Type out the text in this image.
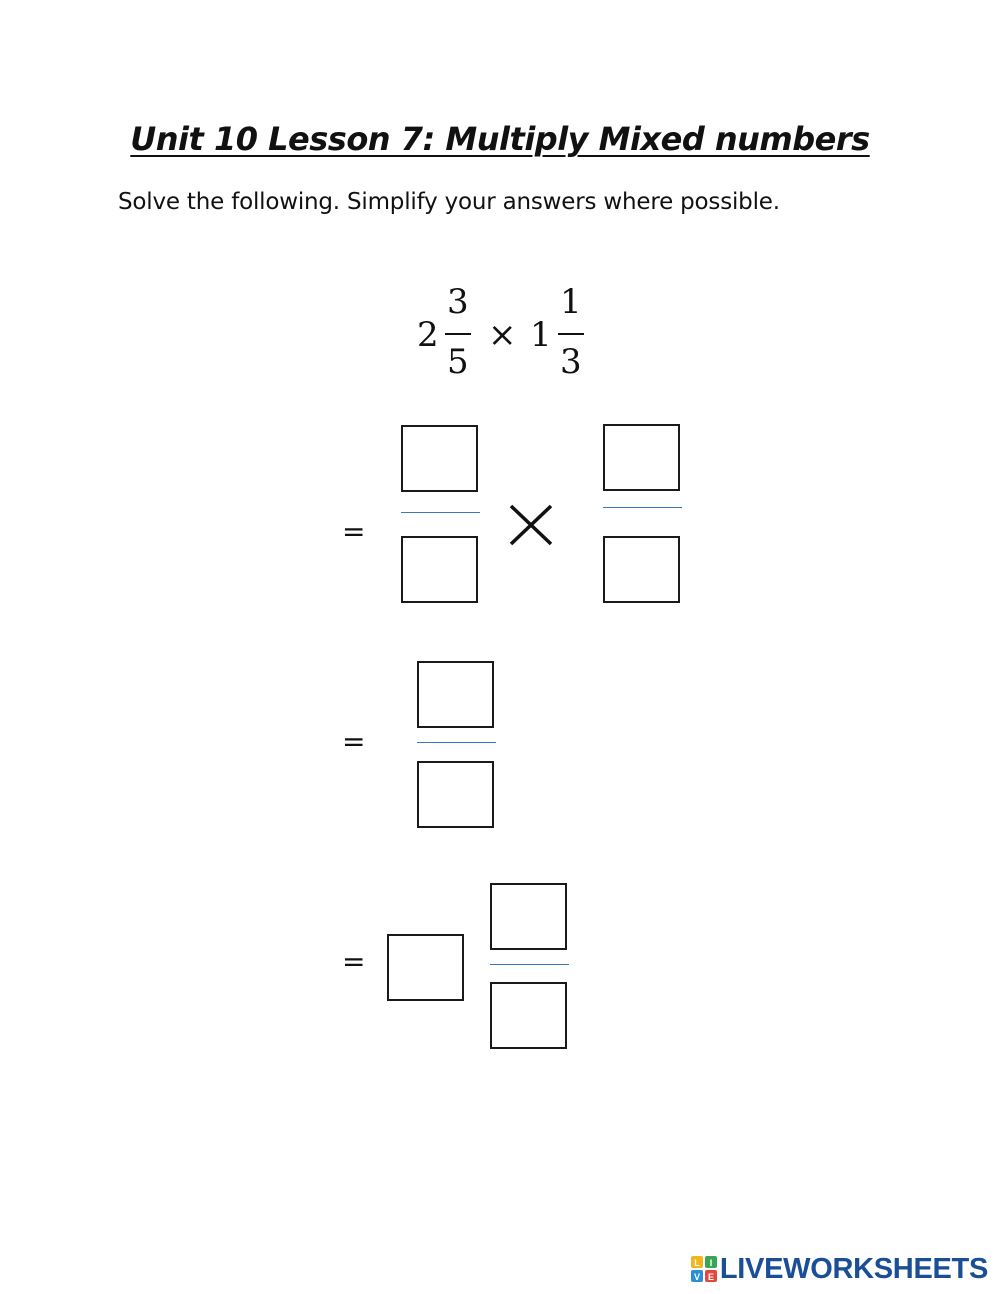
Unit 10 Lesson 7: Multiply Mixed numbers
Solve the following. Simplify your answers where possible.
2
3
5
× 1
1
3
=
=
=
L I
V E LIVEWORKSHEETS
